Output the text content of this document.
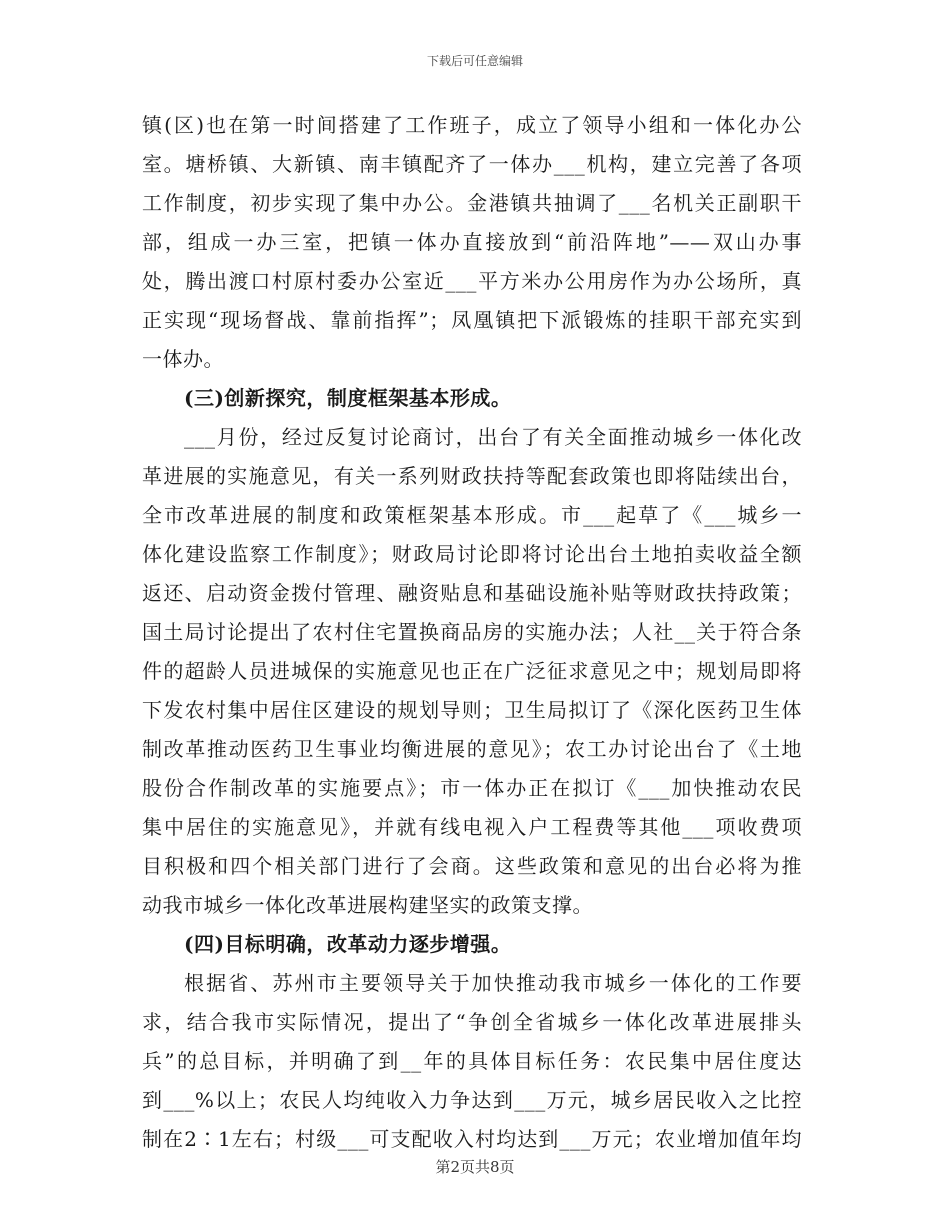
下载后可任意编辑
镇(区)也在第一时间搭建了工作班子，成立了领导小组和一体化办公
室。塘桥镇、大新镇、南丰镇配齐了一体办___机构，建立完善了各项
工作制度，初步实现了集中办公。金港镇共抽调了___名机关正副职干
部，组成一办三室，把镇一体办直接放到“前沿阵地”——双山办事
处，腾出渡口村原村委办公室近___平方米办公用房作为办公场所，真
正实现“现场督战、靠前指挥”；凤凰镇把下派锻炼的挂职干部充实到
一体办。
(三)创新探究，制度框架基本形成。
___月份，经过反复讨论商讨，出台了有关全面推动城乡一体化改
革进展的实施意见，有关一系列财政扶持等配套政策也即将陆续出台，
全市改革进展的制度和政策框架基本形成。市___起草了《___城乡一
体化建设监察工作制度》；财政局讨论即将讨论出台土地拍卖收益全额
返还、启动资金拨付管理、融资贴息和基础设施补贴等财政扶持政策；
国土局讨论提出了农村住宅置换商品房的实施办法；人社__关于符合条
件的超龄人员进城保的实施意见也正在广泛征求意见之中；规划局即将
下发农村集中居住区建设的规划导则；卫生局拟订了《深化医药卫生体
制改革推动医药卫生事业均衡进展的意见》；农工办讨论出台了《土地
股份合作制改革的实施要点》；市一体办正在拟订《___加快推动农民
集中居住的实施意见》，并就有线电视入户工程费等其他___项收费项
目积极和四个相关部门进行了会商。这些政策和意见的出台必将为推
动我市城乡一体化改革进展构建坚实的政策支撑。
(四)目标明确，改革动力逐步增强。
根据省、苏州市主要领导关于加快推动我市城乡一体化的工作要
求，结合我市实际情况，提出了“争创全省城乡一体化改革进展排头
兵”的总目标，并明确了到__年的具体目标任务：农民集中居住度达
到___%以上；农民人均纯收入力争达到___万元，城乡居民收入之比控
制在2∶1左右；村级___可支配收入村均达到___万元；农业增加值年均
第2页共8页
